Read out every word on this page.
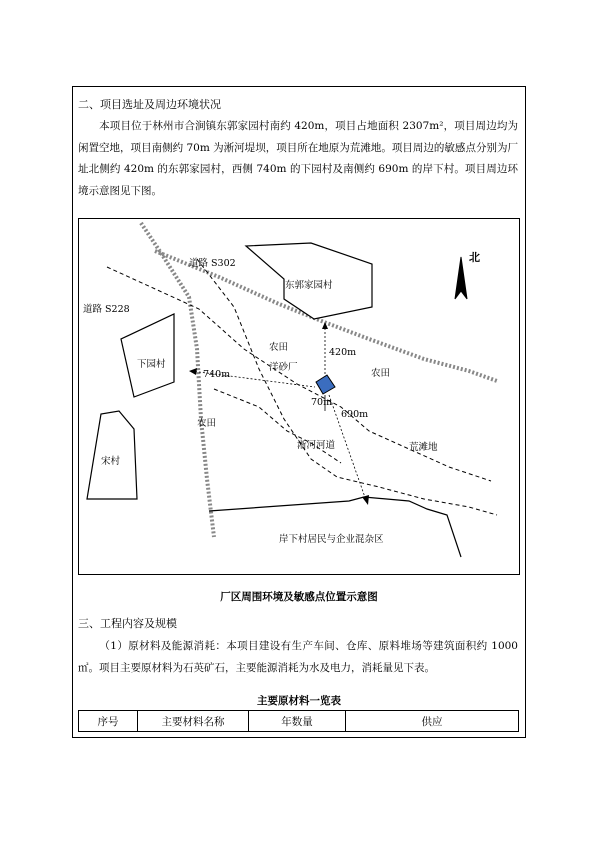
二、项目选址及周边环境状况
本项目位于林州市合涧镇东郭家园村南约 420m，项目占地面积 2307m²，项目周边均为闲置空地，项目南侧约 70m 为淅河堤坝，项目所在地原为荒滩地。项目周边的敏感点分别为厂址北侧约 420m 的东郭家园村，西侧 740m 的下园村及南侧约 690m 的岸下村。项目周边环境示意图见下图。
北
道路 S302
道路 S228
东郭家园村
下园村
宋村
农田
农田
农田
洋砂厂
淅河河道	荒滩地
岸下村居民与企业混杂区
420m
740m
70m
690m
厂区周围环境及敏感点位置示意图
三、工程内容及规模
（1）原材料及能源消耗：本项目建设有生产车间、仓库、原料堆场等建筑面积约 1000㎡。项目主要原材料为石英矿石，主要能源消耗为水及电力，消耗量见下表。
主要原材料一览表
序号	主要材料名称	年数量	供应
